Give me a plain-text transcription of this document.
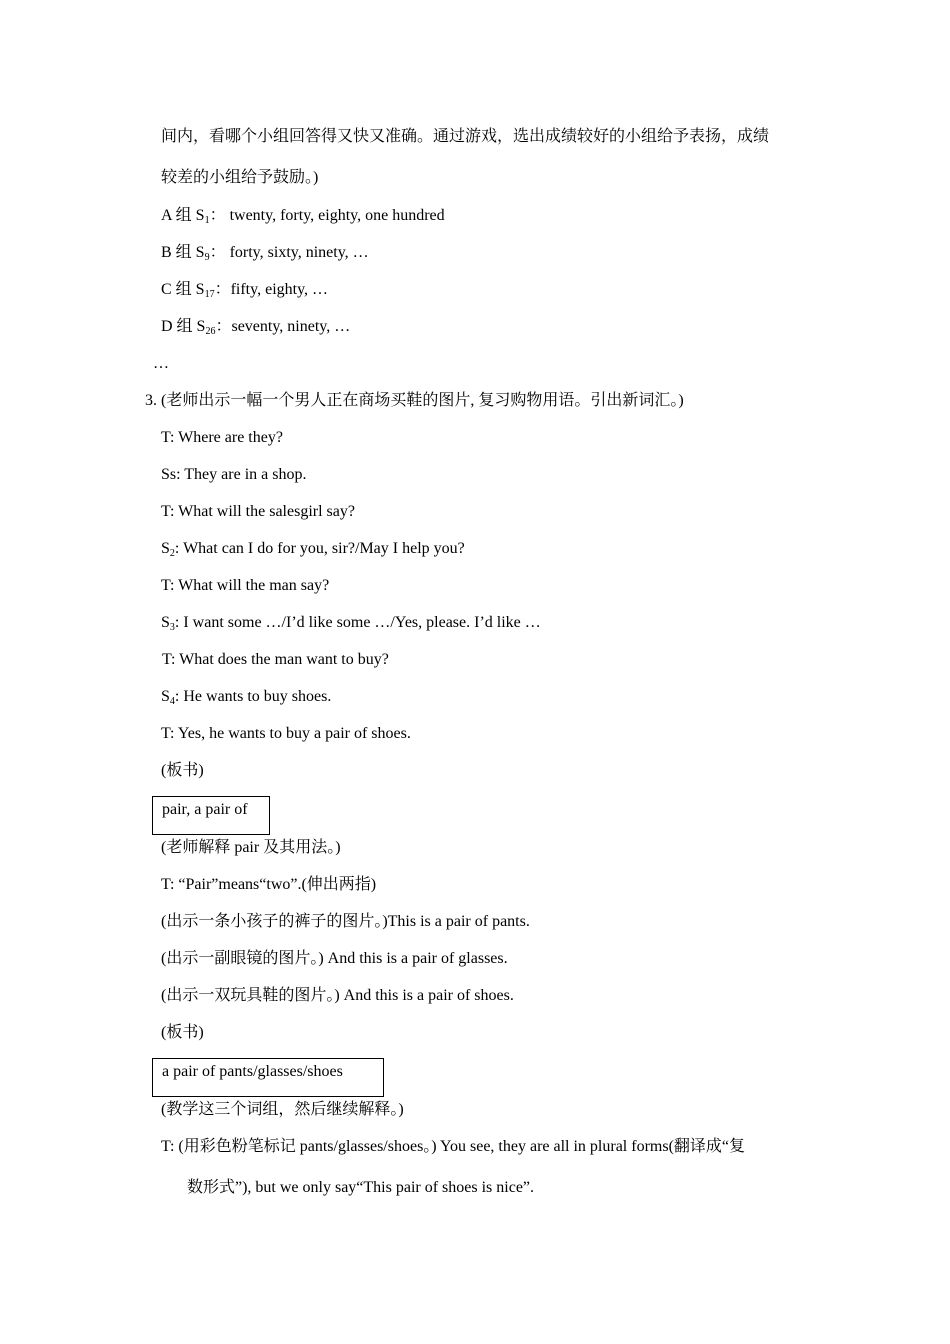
间内，看哪个小组回答得又快又准确。通过游戏，选出成绩较好的小组给予表扬，成绩
较差的小组给予鼓励。)
A 组 $S_1$： twenty, forty, eighty, one hundred
B 组 $S_9$： forty, sixty, ninety, …
C 组 $S_{17}$：fifty, eighty, …
D 组 $S_{26}$：seventy, ninety, …
…
3. (老师出示一幅一个男人正在商场买鞋的图片, 复习购物用语。引出新词汇。)
T: Where are they?
Ss: They are in a shop.
T: What will the salesgirl say?
$S_2$: What can I do for you, sir?/May I help you?
T: What will the man say?
$S_3$: I want some …/I’d like some …/Yes, please. I’d like …
T: What does the man want to buy?
$S_4$: He wants to buy shoes.
T: Yes, he wants to buy a pair of shoes.
(板书)
pair, a pair of
(老师解释 pair 及其用法。)
T: “Pair”means“two”.(伸出两指)
(出示一条小孩子的裤子的图片。)This is a pair of pants.
(出示一副眼镜的图片。) And this is a pair of glasses.
(出示一双玩具鞋的图片。) And this is a pair of shoes.
(板书)
a pair of pants/glasses/shoes
(教学这三个词组，然后继续解释。)
T: (用彩色粉笔标记 pants/glasses/shoes。) You see, they are all in plural forms(翻译成“复
数形式”), but we only say“This pair of shoes is nice”.
